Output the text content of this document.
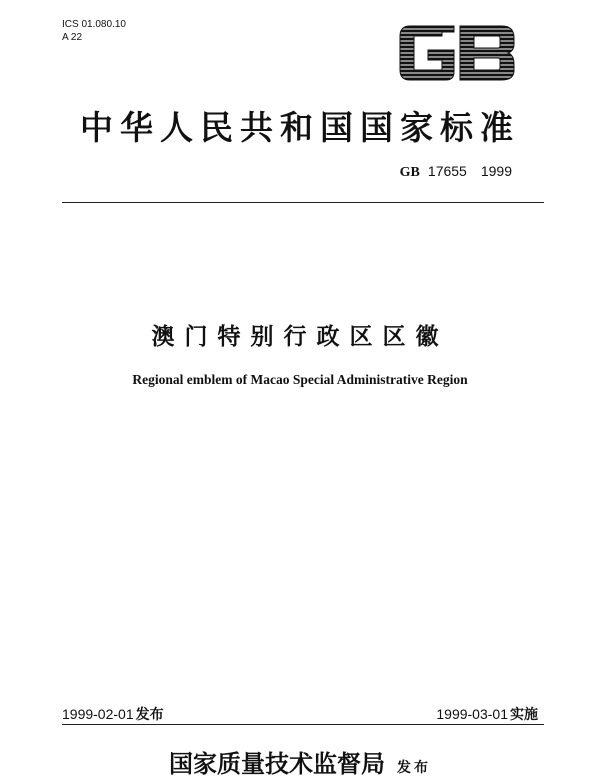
ICS 01.080.10
A 22
中华人民共和国国家标准
GB 17655 1999
澳门特别行政区区徽
Regional emblem of Macao Special Administrative Region
1999-02-01 发布	1999-03-01 实施
国家质量技术监督局 发布
